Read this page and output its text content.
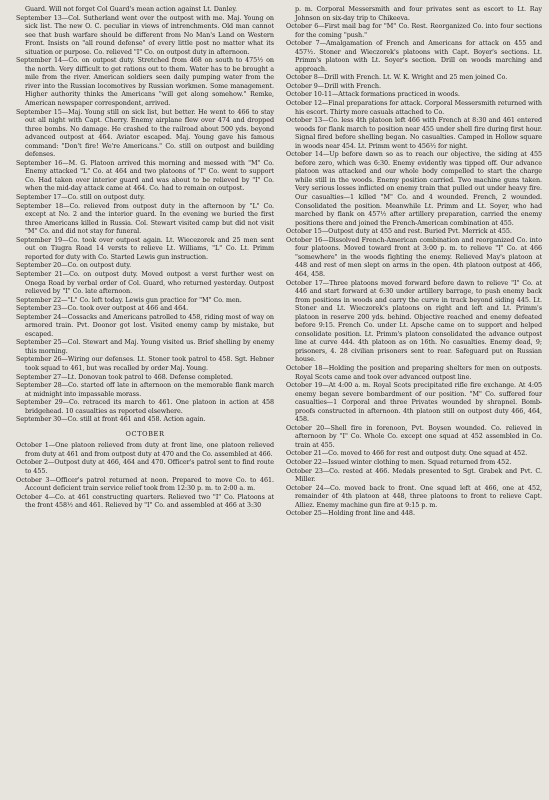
Guard. Will not forget Col Guard's mean action against Lt. Danley.

September 13—Col. Sutherland went over the outpost with me. Maj. Young on sick list. The new O. C. peculiar in views of intrenchments. Old man cannot see that bush warfare should be different from No Man's Land on Western Front. Insists on "all round defense" of every little post no matter what its situation or purpose. Co. relieved "I" Co. on outpost duty in afternoon.

September 14—Co. on outpost duty. Stretched from 468 on south to 475½ on the north. Very difficult to get rations out to them. Water has to be brought a mile from the river. American soldiers seen daily pumping water from the river into the Russian locomotives by Russian workmen. Some management. Higher authority thinks the Americans "will get along somehow." Remke, American newspaper correspondent, arrived.

September 15—Maj. Young still on sick list, but better. He went to 466 to stay out all night with Capt. Cherry. Enemy airplane flew over 474 and dropped three bombs. No damage. He crashed to the railroad about 500 yds. beyond advanced outpost at 464. Aviator escaped. Maj. Young gave his famous command: "Don't fire! We're Americans." Co. still on outpost and building defenses.

September 16—M. G. Platoon arrived this morning and messed with "M" Co. Enemy attacked "L" Co. at 464 and two platoons of "I" Co. went to support Co. Had taken over interior guard and was about to be relieved by "I" Co. when the mid-day attack came at 464. Co. had to remain on outpost.

September 17—Co. still on outpost duty.

September 18—Co. relieved from outpost duty in the afternoon by "L" Co. except at No. 2 and the interior guard. In the evening we buried the first three Americans killed in Russia. Col. Stewart visited camp but did not visit "M" Co. and did not stay for funeral.

September 19—Co. took over outpost again. Lt. Wiecezorek and 25 men sent out on Tiugra Road 14 versts to relieve Lt. Williams, "L" Co. Lt. Primm reported for duty with Co. Started Lewis gun instruction.

September 20—Co. on outpost duty.

September 21—Co. on outpost duty. Moved outpost a verst further west on Onega Road by verbal order of Col. Guard, who returned yesterday. Outpost relieved by "I" Co. late afternoon.

September 22—"L" Co. left today. Lewis gun practice for "M" Co. men.

September 23—Co. took over outpost at 466 and 464.

September 24—Cossacks and Americans patrolled to 458, riding most of way on armored train. Pvt. Doonor got lost. Visited enemy camp by mistake, but escaped.

September 25—Col. Stewart and Maj. Young visited us. Brief shelling by enemy this morning.

September 26—Wiring our defenses. Lt. Stoner took patrol to 458. Sgt. Hebner took squad to 461, but was recalled by order Maj. Young.

September 27—Lt. Donovan took patrol to 468. Defense completed.

September 28—Co. started off late in afternoon on the memorable flank march at midnight into impassable morass.

September 29—Co. retraced its march to 461. One platoon in action at 458 bridgehead. 10 casualties as reported elsewhere.

September 30—Co. still at front 461 and 458. Action again.

OCTOBER

October 1—One platoon relieved from duty at front line, one platoon relieved from duty at 461 and from outpost duty at 470 and the Co. assembled at 466.

October 2—Outpost duty at 466, 464 and 470. Officer's patrol sent to find route to 455.

October 3—Officer's patrol returned at noon. Prepared to move Co. to 461. Account deficient train service relief took from 12:30 p. m. to 2:00 a. m.

October 4—Co. at 461 constructing quarters. Relieved two "I" Co. Platoons at the front 458½ and 461. Relieved by "I" Co. and assembled at 466 at 3:30

p. m. Corporal Messersmith and four privates sent as escort to Lt. Ray Johnson on six-day trip to Chikeeva.

October 6—First mail bag for "M" Co. Rest. Reorganized Co. into four sections for the coming "push."

October 7—Amalgamation of French and Americans for attack on 455 and 457½. Stoner and Wieczorek's platoons with Capt. Boyer's sections. Lt. Primm's platoon with Lt. Soyer's section. Drill on woods marching and approach.

October 8—Drill with French. Lt. W. K. Wright and 25 men joined Co.

October 9—Drill with French.

October 10-11—Attack formations practiced in woods.

October 12—Final preparations for attack. Corporal Messersmith returned with his escort. Thirty more casuals attached to Co.

October 13—Co. less 4th platoon left 466 with French at 8:30 and 461 entered woods for flank march to position near 455 under shell fire during first hour. Signal fired before shelling began. No casualties. Camped in Hollow square in woods near 454. Lt. Primm went to 456½ for night.

October 14—Up before dawn so as to reach our objective, the siding at 455 before zero, which was 6:30. Enemy evidently was tipped off. Our advance platoon was attacked and our whole body compelled to start the charge while still in the woods. Enemy position carried. Two machine guns taken. Very serious losses inflicted on enemy train that pulled out under heavy fire. Our casualties—1 killed "M" Co. and 4 wounded. French, 2 wounded. Consolidated the position. Meanwhile Lt. Primm and Lt. Soyer, who had marched by flank on 457½ after artillery preparation, carried the enemy positions there and joined the French-American combination at 455.

October 15—Outpost duty at 455 and rest. Buried Pvt. Merrick at 455.

October 16—Dissolved French-American combination and reorganized Co. into four platoons. Moved toward front at 3:00 p. m. to relieve "I" Co. at 466 "somewhere" in the woods fighting the enemy. Relieved May's platoon at 448 and rest of men slept on arms in the open. 4th platoon outpost at 466, 464, 458.

October 17—Three platoons moved forward before dawn to relieve "I" Co. at 446 and start forward at 6:30 under artillery barrage, to push enemy back from positions in woods and carry the curve in track beyond siding 445. Lt. Stoner and Lt. Wieczorek's platoons on right and left and Lt. Primm's platoon in reserve 200 yds. behind. Objective reached and enemy defeated before 9:15. French Co. under Lt. Apsche came on to support and helped consolidate position. Lt. Primm's platoon consolidated the advance outpost line at curve 444. 4th platoon as on 16th. No casualties. Enemy dead, 9; prisoners, 4. 28 civilian prisoners sent to rear. Safeguard put on Russian house.

October 18—Holding the position and preparing shelters for men on outposts. Royal Scots came and took over advanced outpost line.

October 19—At 4:00 a. m. Royal Scots precipitated rifle fire exchange. At 4:05 enemy began severe bombardment of our position. "M" Co. suffered four casualties—1 Corporal and three Privates wounded by shrapnel. Bomb-proofs constructed in afternoon. 4th platoon still on outpost duty 466, 464, 458.

October 20—Shell fire in forenoon, Pvt. Boysen wounded. Co. relieved in afternoon by "I" Co. Whole Co. except one squad at 452 assembled in Co. train at 455.

October 21—Co. moved to 466 for rest and outpost duty. One squad at 452.

October 22—Issued winter clothing to men. Squad returned from 452.

October 23—Co. rested at 466. Medals presented to Sgt. Grabek and Pvt. C. Miller.

October 24—Co. moved back to front. One squad left at 466, one at 452, remainder of 4th platoon at 448, three platoons to front to relieve Capt. Alliez. Enemy machine gun fire at 9:15 p. m.

October 25—Holding front line and 448.
